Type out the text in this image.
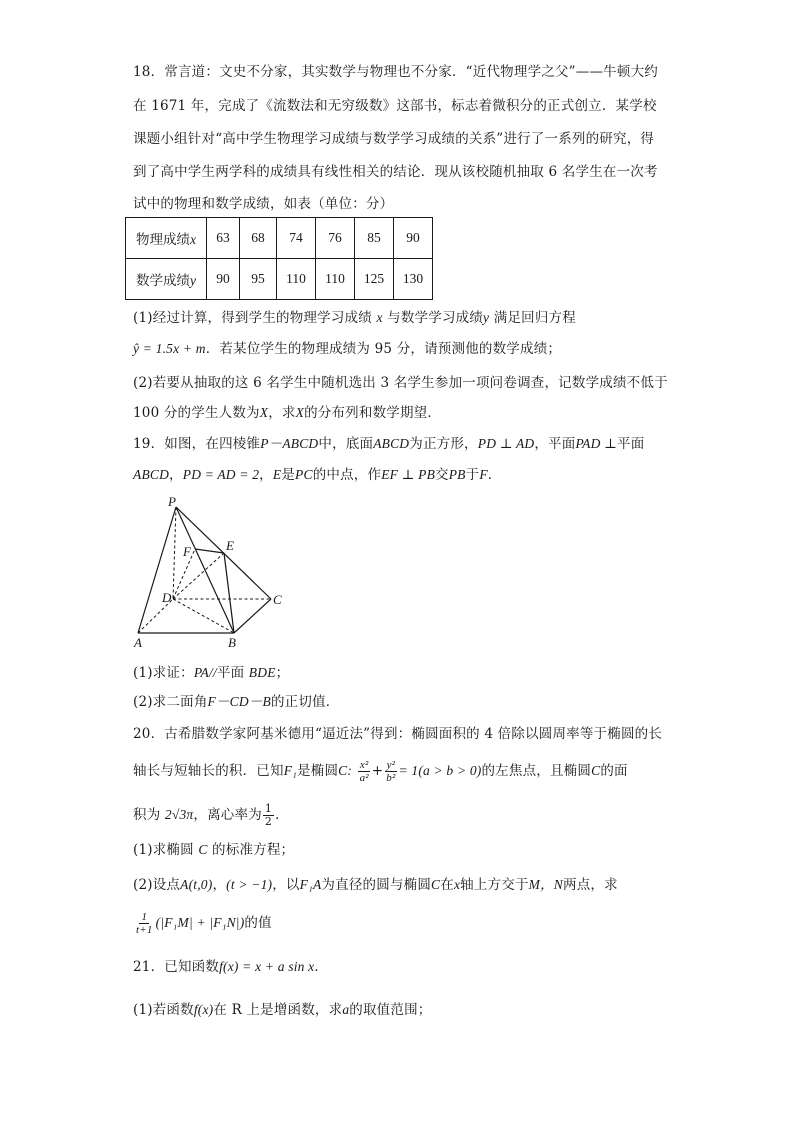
18．常言道：文史不分家，其实数学与物理也不分家．“近代物理学之父”——牛顿大约
在 1671 年，完成了《流数法和无穷级数》这部书，标志着微积分的正式创立．某学校
课题小组针对“高中学生物理学习成绩与数学学习成绩的关系”进行了一系列的研究，得
到了高中学生两学科的成绩具有线性相关的结论．现从该校随机抽取 6 名学生在一次考
试中的物理和数学成绩，如表（单位：分）
物理成绩x	63	68	74	76	85	90
数学成绩y	90	95	110	110	125	130
(1)经过计算，得到学生的物理学习成绩 x 与数学学习成绩y 满足回归方程
ŷ = 1.5x + m．若某位学生的物理成绩为 95 分，请预测他的数学成绩；
(2)若要从抽取的这 6 名学生中随机选出 3 名学生参加一项问卷调查，记数学成绩不低于
100 分的学生人数为X，求X的分布列和数学期望．
19．如图，在四棱锥P－ABCD中，底面ABCD为正方形，PD ⊥ AD，平面PAD ⊥平面
ABCD，PD = AD = 2，E是PC的中点，作EF ⊥ PB交PB于F．
P
E
F
D	C
A	B
(1)求证：PA//平面 BDE；
(2)求二面角F－CD－B的正切值．
20．古希腊数学家阿基米德用“逼近法”得到：椭圆面积的 4 倍除以圆周率等于椭圆的长
轴长与短轴长的积．已知F₁是椭圆C: $\frac{\text{x²}}{\text{a²}} + \frac{\text{y²}}{\text{b²}} = 1(a > b > 0)$的左焦点，且椭圆C的面
积为 2√3π，离心率为 $\frac{1}{2}$ ．
(1)求椭圆 C 的标准方程；
(2)设点A(t,0)，(t > −1)，以F₁A为直径的圆与椭圆C在x轴上方交于M，N两点，求
$\frac{1}{t+1} (|F_1M| + |F_1N|)$的值
21．已知函数f(x) = x + a sin x．
(1)若函数f(x)在 R 上是增函数，求a的取值范围；
